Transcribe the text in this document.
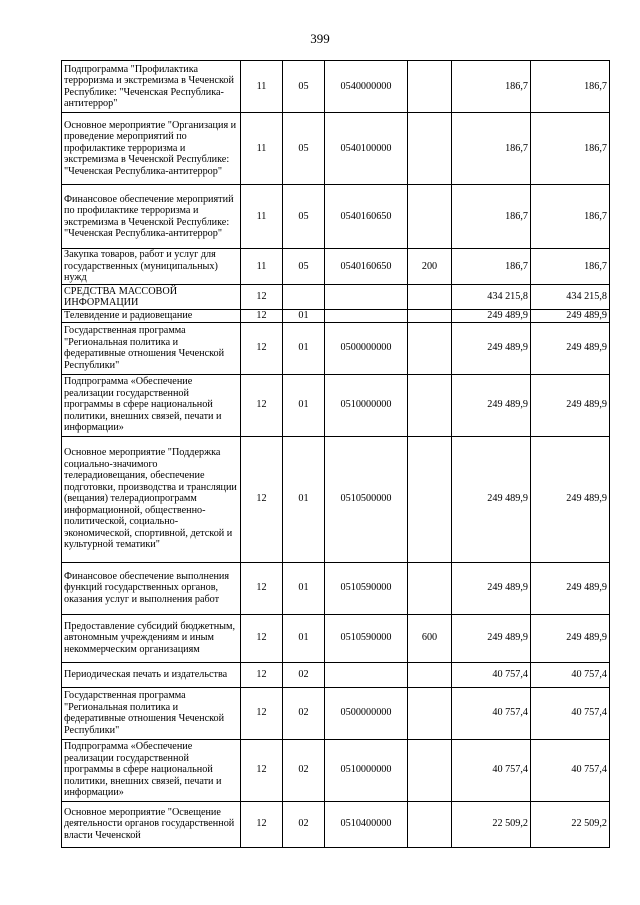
399
Подпрограмма "Профилактика терроризма и экстремизма в Чеченской Республике: "Чеченская Республика-антитеррор"	11	05	0540000000		186,7	186,7
Основное мероприятие "Организация и проведение мероприятий по профилактике терроризма и экстремизма в Чеченской Республике: "Чеченская Республика-антитеррор"	11	05	0540100000		186,7	186,7
Финансовое обеспечение мероприятий по профилактике терроризма и экстремизма в Чеченской Республике: "Чеченская Республика-антитеррор"	11	05	0540160650		186,7	186,7
Закупка товаров, работ и услуг для государственных (муниципальных) нужд	11	05	0540160650	200	186,7	186,7
СРЕДСТВА МАССОВОЙ ИНФОРМАЦИИ	12				434 215,8	434 215,8
Телевидение и радиовещание	12	01			249 489,9	249 489,9
Государственная программа "Региональная политика и федеративные отношения Чеченской Республики"	12	01	0500000000		249 489,9	249 489,9
Подпрограмма «Обеспечение реализации государственной программы в сфере национальной политики, внешних связей, печати и информации»	12	01	0510000000		249 489,9	249 489,9
Основное мероприятие "Поддержка социально-значимого телерадиовещания, обеспечение подготовки, производства и трансляции (вещания) телерадиопрограмм информационной, общественно-политической, социально-экономической, спортивной, детской и культурной тематики"	12	01	0510500000		249 489,9	249 489,9
Финансовое обеспечение выполнения функций государственных органов, оказания услуг и выполнения работ	12	01	0510590000		249 489,9	249 489,9
Предоставление субсидий бюджетным, автономным учреждениям и иным некоммерческим организациям	12	01	0510590000	600	249 489,9	249 489,9
Периодическая печать и издательства	12	02			40 757,4	40 757,4
Государственная программа "Региональная политика и федеративные отношения Чеченской Республики"	12	02	0500000000		40 757,4	40 757,4
Подпрограмма «Обеспечение реализации государственной программы в сфере национальной политики, внешних связей, печати и информации»	12	02	0510000000		40 757,4	40 757,4
Основное мероприятие "Освещение деятельности органов государственной власти Чеченской	12	02	0510400000		22 509,2	22 509,2
